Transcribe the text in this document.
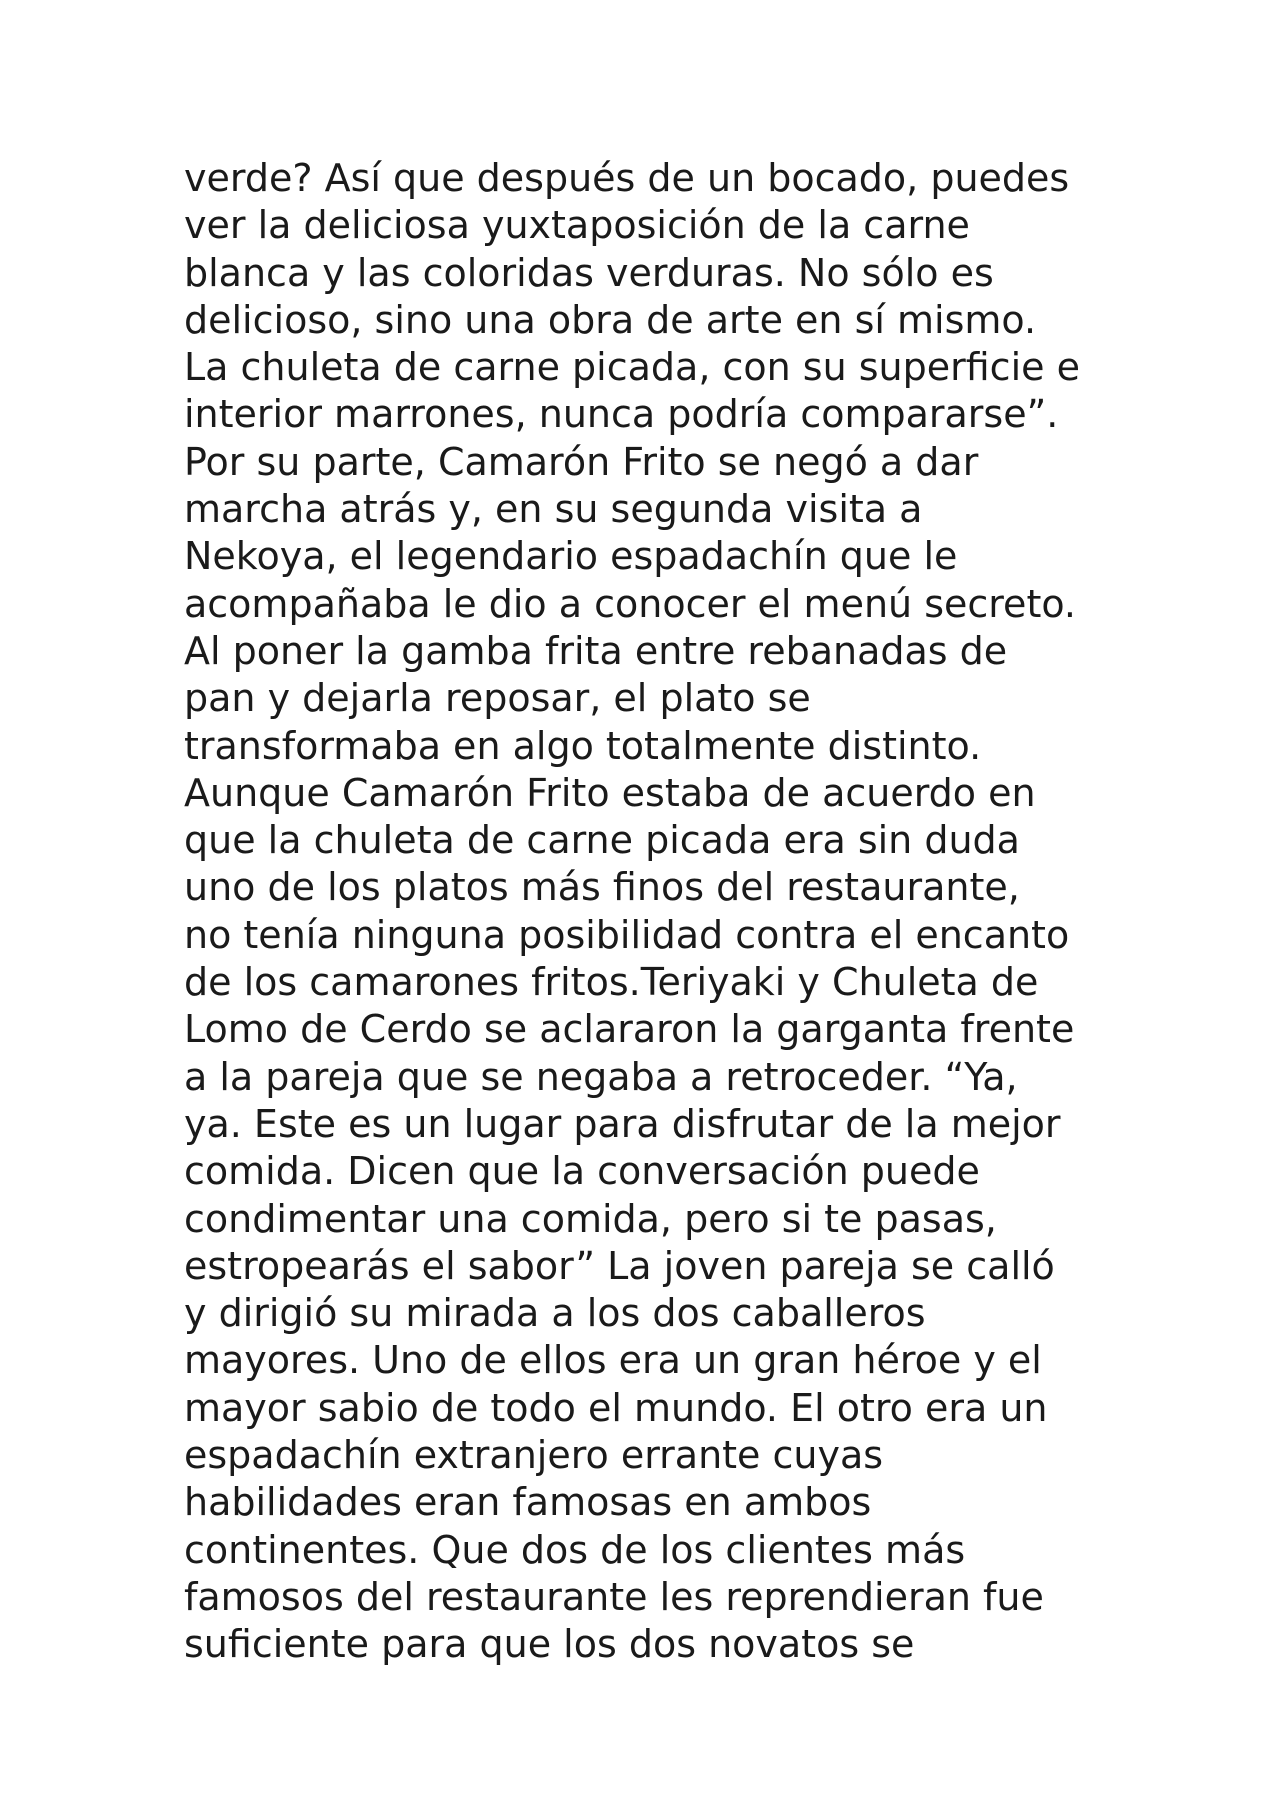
verde? Así que después de un bocado, puedes
ver la deliciosa yuxtaposición de la carne
blanca y las coloridas verduras. No sólo es
delicioso, sino una obra de arte en sí mismo.
La chuleta de carne picada, con su superficie e
interior marrones, nunca podría compararse”.
Por su parte, Camarón Frito se negó a dar
marcha atrás y, en su segunda visita a
Nekoya, el legendario espadachín que le
acompañaba le dio a conocer el menú secreto.
Al poner la gamba frita entre rebanadas de
pan y dejarla reposar, el plato se
transformaba en algo totalmente distinto.
Aunque Camarón Frito estaba de acuerdo en
que la chuleta de carne picada era sin duda
uno de los platos más finos del restaurante,
no tenía ninguna posibilidad contra el encanto
de los camarones fritos.Teriyaki y Chuleta de
Lomo de Cerdo se aclararon la garganta frente
a la pareja que se negaba a retroceder. “Ya,
ya. Este es un lugar para disfrutar de la mejor
comida. Dicen que la conversación puede
condimentar una comida, pero si te pasas,
estropearás el sabor” La joven pareja se calló
y dirigió su mirada a los dos caballeros
mayores. Uno de ellos era un gran héroe y el
mayor sabio de todo el mundo. El otro era un
espadachín extranjero errante cuyas
habilidades eran famosas en ambos
continentes. Que dos de los clientes más
famosos del restaurante les reprendieran fue
suficiente para que los dos novatos se
